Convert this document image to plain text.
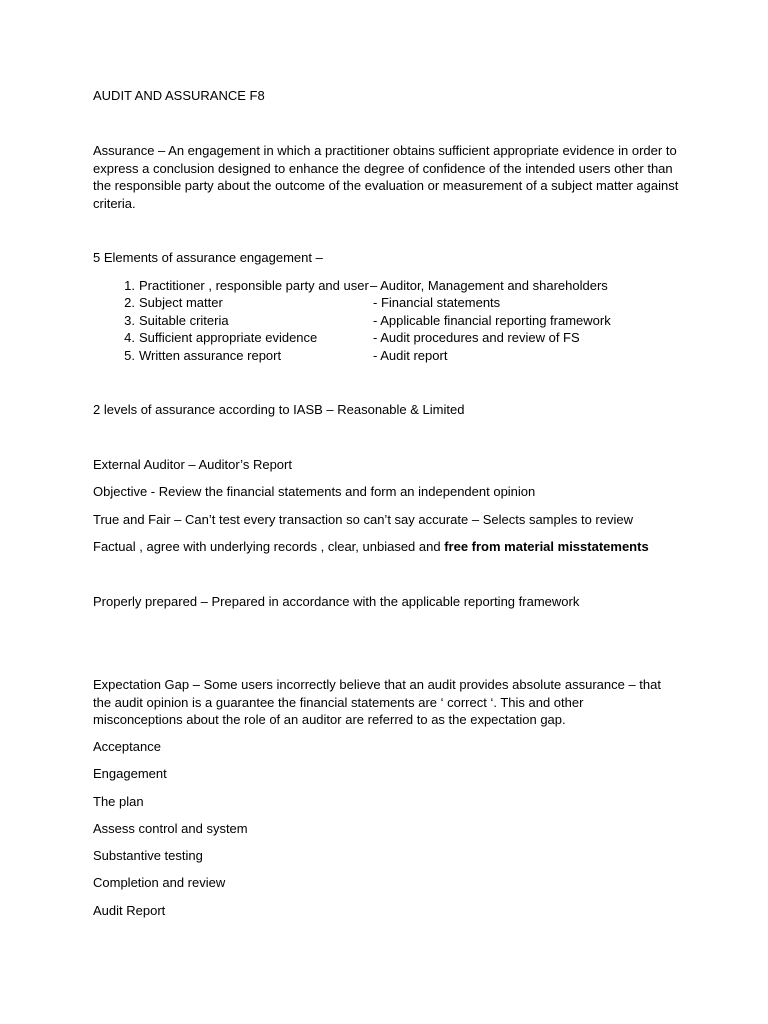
AUDIT AND ASSURANCE F8
Assurance – An engagement in which a practitioner obtains sufficient appropriate evidence in order to express a conclusion designed to enhance the degree of confidence of the intended users other than the responsible party about the outcome of the evaluation or measurement of a subject matter against criteria.
5 Elements of assurance engagement –
1. Practitioner , responsible party and user – Auditor, Management and shareholders
2. Subject matter	- Financial statements
3. Suitable criteria	- Applicable financial reporting framework
4. Sufficient appropriate evidence	- Audit procedures and review of FS
5. Written assurance report	- Audit report
2 levels of assurance according to IASB – Reasonable & Limited
External Auditor – Auditor’s Report
Objective - Review the financial statements and form an independent opinion
True and Fair – Can’t test every transaction so can’t say accurate – Selects samples to review
Factual , agree with underlying records , clear, unbiased and free from material misstatements
Properly prepared – Prepared in accordance with the applicable reporting framework
Expectation Gap – Some users incorrectly believe that an audit provides absolute assurance – that the audit opinion is a guarantee the financial statements are ‘ correct ‘. This and other misconceptions about the role of an auditor are referred to as the expectation gap.
Acceptance
Engagement
The plan
Assess control and system
Substantive testing
Completion and review
Audit Report
